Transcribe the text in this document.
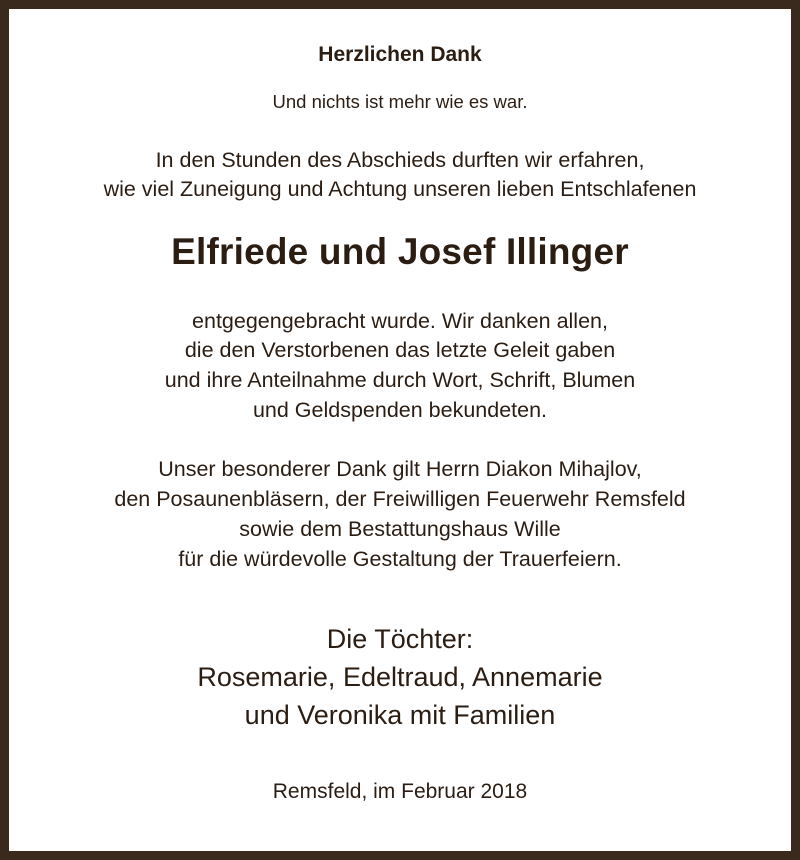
Herzlichen Dank
Und nichts ist mehr wie es war.
In den Stunden des Abschieds durften wir erfahren,
wie viel Zuneigung und Achtung unseren lieben Entschlafenen
Elfriede und Josef Illinger
entgegengebracht wurde. Wir danken allen,
die den Verstorbenen das letzte Geleit gaben
und ihre Anteilnahme durch Wort, Schrift, Blumen
und Geldspenden bekundeten.
Unser besonderer Dank gilt Herrn Diakon Mihajlov,
den Posaunenbläsern, der Freiwilligen Feuerwehr Remsfeld
sowie dem Bestattungshaus Wille
für die würdevolle Gestaltung der Trauerfeiern.
Die Töchter:
Rosemarie, Edeltraud, Annemarie
und Veronika mit Familien
Remsfeld, im Februar 2018
